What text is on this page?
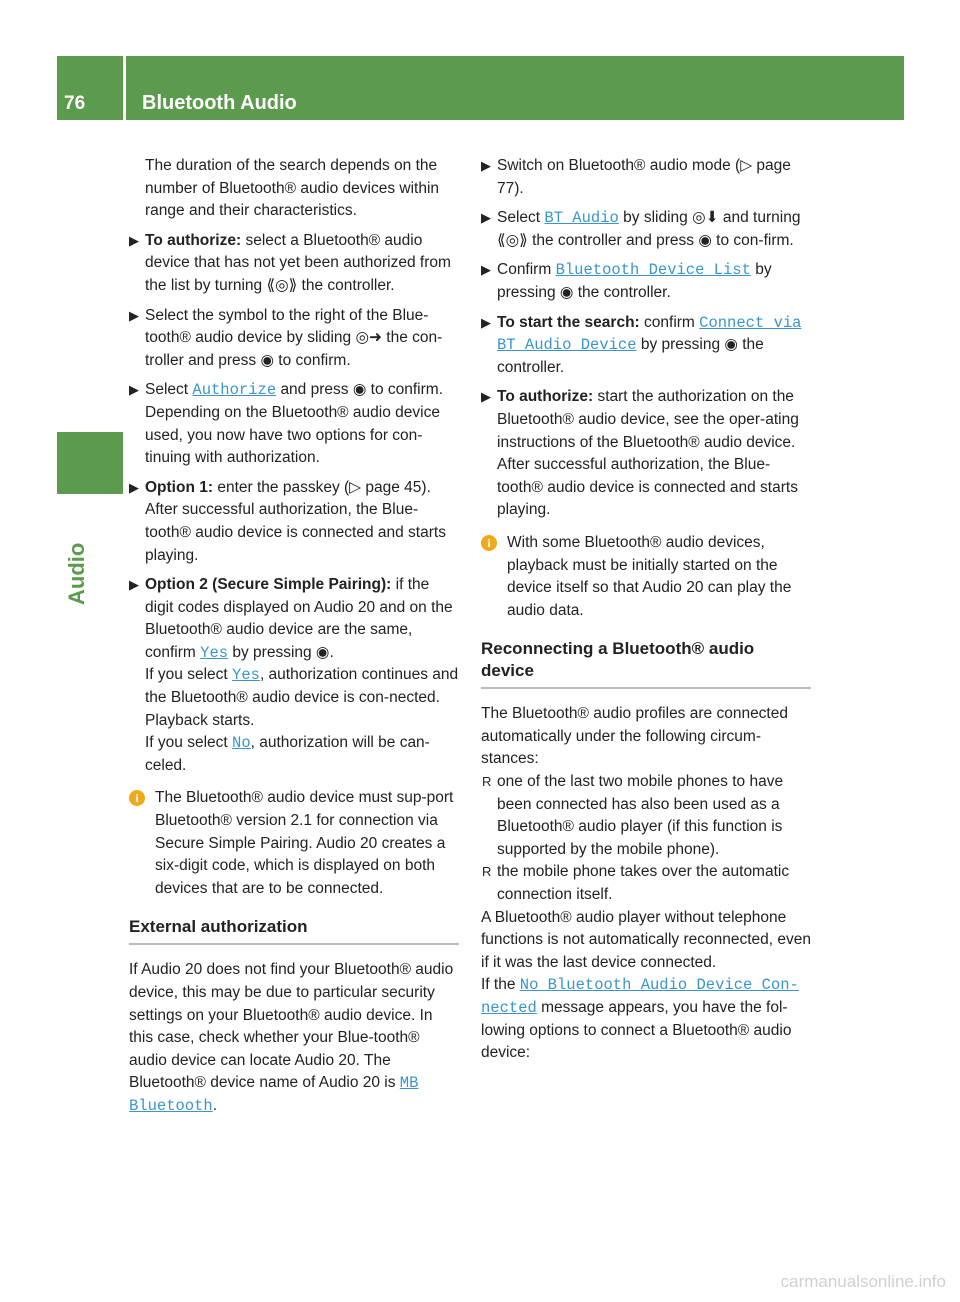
76	Bluetooth Audio
Audio

The duration of the search depends on the number of Bluetooth® audio devices within range and their characteristics.

▶ To authorize: select a Bluetooth® audio device that has not yet been authorized from the list by turning ⟪◎⟫ the controller.
▶ Select the symbol to the right of the Blue-tooth® audio device by sliding ◎➜ the con-troller and press ◉ to confirm.
▶ Select Authorize and press ◉ to confirm.

Depending on the Bluetooth® audio device used, you now have two options for con-tinuing with authorization.

▶ Option 1: enter the passkey (▷ page 45).

After successful authorization, the Blue-tooth® audio device is connected and starts playing.

▶ Option 2 (Secure Simple Pairing): if the digit codes displayed on Audio 20 and on the Bluetooth® audio device are the same, confirm Yes by pressing ◉.

If you select Yes, authorization continues and the Bluetooth® audio device is con-nected. Playback starts.

If you select No, authorization will be can-celed.

i	The Bluetooth® audio device must sup-port Bluetooth® version 2.1 for connection via Secure Simple Pairing. Audio 20 creates a six-digit code, which is displayed on both devices that are to be connected.
External authorization

If Audio 20 does not find your Bluetooth® audio device, this may be due to particular security settings on your Bluetooth® audio device. In this case, check whether your Blue-tooth® audio device can locate Audio 20. The Bluetooth® device name of Audio 20 is MB Bluetooth.

▶ Switch on Bluetooth® audio mode (▷ page 77).
▶ Select BT Audio by sliding ◎⬇ and turning ⟪◎⟫ the controller and press ◉ to con-firm.
▶ Confirm Bluetooth Device List by pressing ◉ the controller.
▶ To start the search: confirm Connect via BT Audio Device by pressing ◉ the controller.
▶ To authorize: start the authorization on the Bluetooth® audio device, see the oper-ating instructions of the Bluetooth® audio device.

After successful authorization, the Blue-tooth® audio device is connected and starts playing.

i	With some Bluetooth® audio devices, playback must be initially started on the device itself so that Audio 20 can play the audio data.
Reconnecting a Bluetooth® audio device

The Bluetooth® audio profiles are connected automatically under the following circum-stances:

R one of the last two mobile phones to have been connected has also been used as a Bluetooth® audio player (if this function is supported by the mobile phone).
R the mobile phone takes over the automatic connection itself.

A Bluetooth® audio player without telephone functions is not automatically reconnected, even if it was the last device connected.

If the No Bluetooth Audio Device Con-nected message appears, you have the fol-lowing options to connect a Bluetooth® audio device:

carmanualsonline.info
